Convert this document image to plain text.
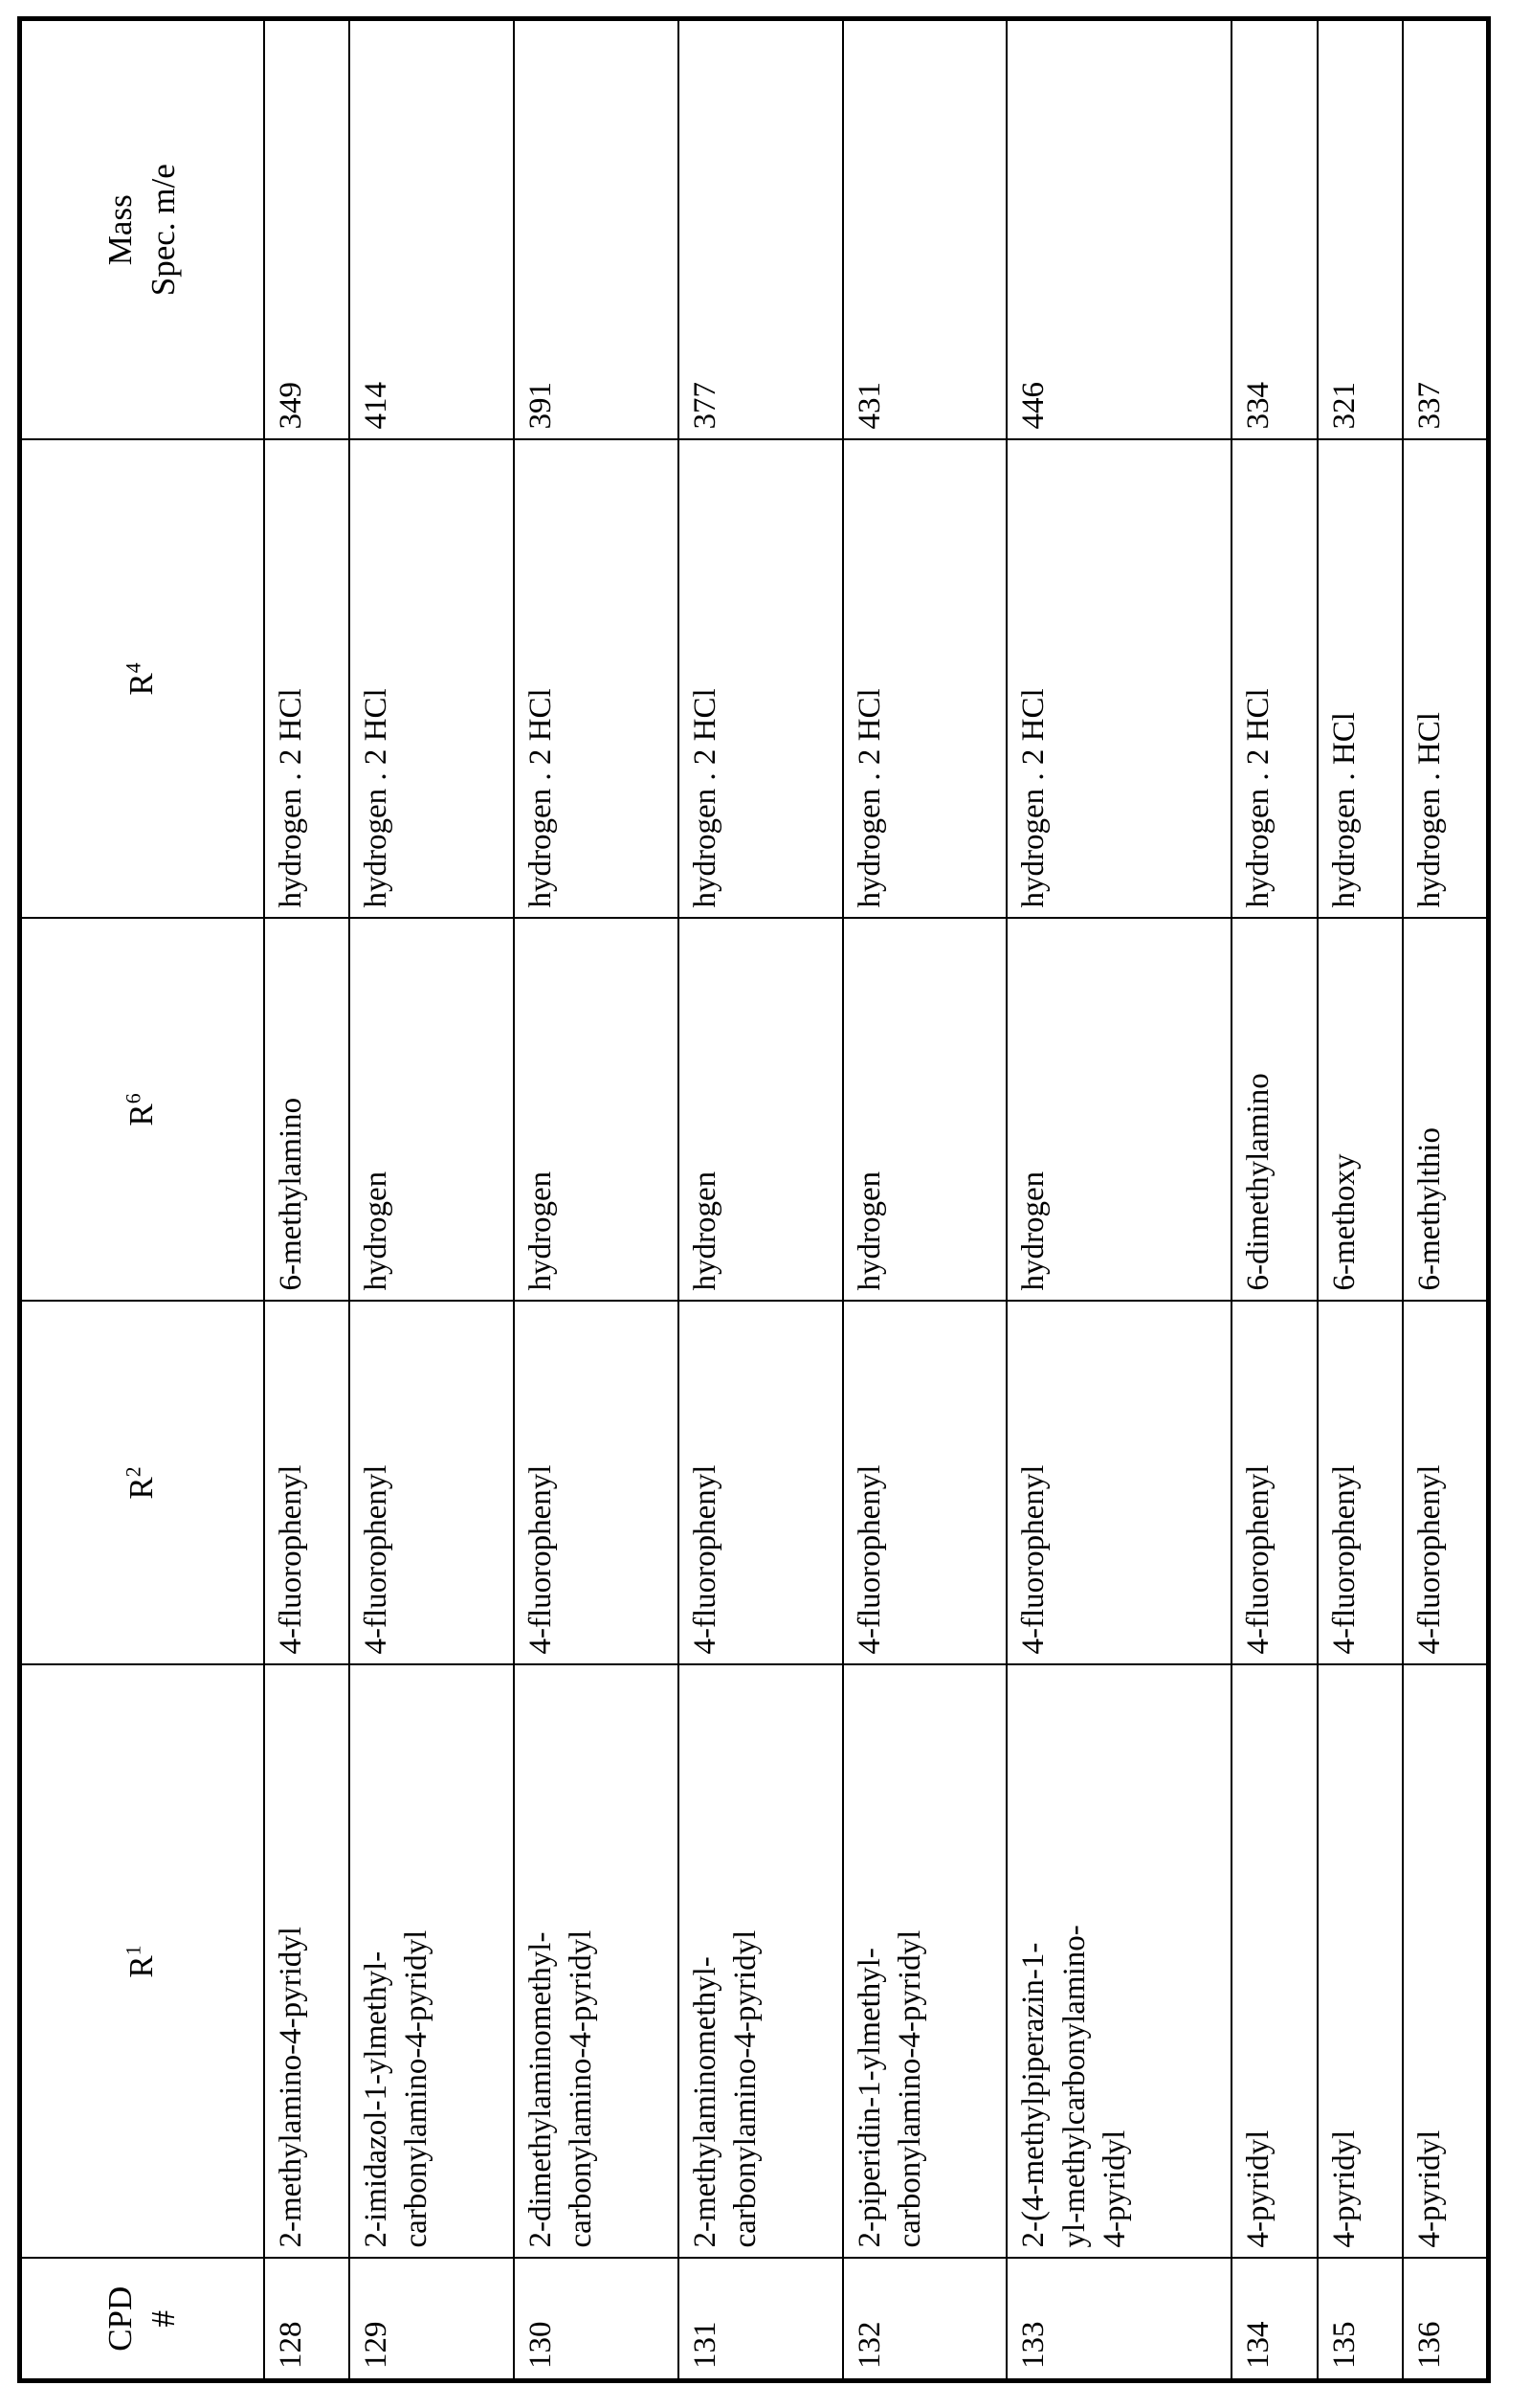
CPD #	$R^1$	$R^2$	$R^6$	$R^4$	Mass Spec. m/e
128	2-methylamino-4-pyridyl	4-fluorophenyl	6-methylamino	hydrogen . 2 HCl	349
129	2-imidazol-1-ylmethyl- carbonylamino-4-pyridyl	4-fluorophenyl	hydrogen	hydrogen . 2 HCl	414
130	2-dimethylaminomethyl- carbonylamino-4-pyridyl	4-fluorophenyl	hydrogen	hydrogen . 2 HCl	391
131	2-methylaminomethyl- carbonylamino-4-pyridyl	4-fluorophenyl	hydrogen	hydrogen . 2 HCl	377
132	2-piperidin-1-ylmethyl- carbonylamino-4-pyridyl	4-fluorophenyl	hydrogen	hydrogen . 2 HCl	431
133	2-(4-methylpiperazin-1- yl-methylcarbonylamino- 4-pyridyl	4-fluorophenyl	hydrogen	hydrogen . 2 HCl	446
134	4-pyridyl	4-fluorophenyl	6-dimethylamino	hydrogen . 2 HCl	334
135	4-pyridyl	4-fluorophenyl	6-methoxy	hydrogen . HCl	321
136	4-pyridyl	4-fluorophenyl	6-methylthio	hydrogen . HCl	337
